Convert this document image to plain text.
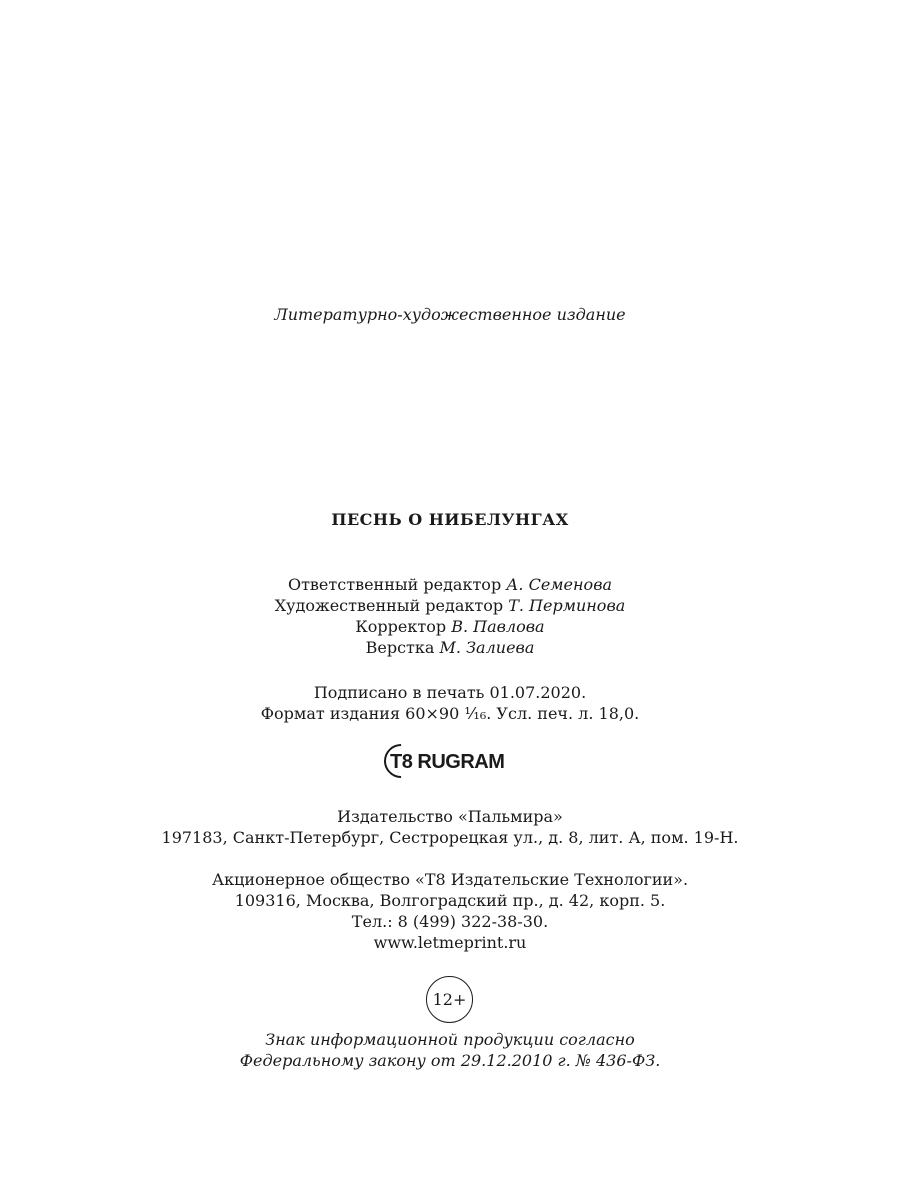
Литературно-художественное издание
ПЕСНЬ О НИБЕЛУНГАХ
Ответственный редактор А. Семенова
Художественный редактор Т. Перминова
Корректор В. Павлова
Верстка М. Залиева
Подписано в печать 01.07.2020.
Формат издания 60×90 ¹⁄₁₆. Усл. печ. л. 18,0.
T8 RUGRAM
Издательство «Пальмира»
197183, Санкт-Петербург, Сестрорецкая ул., д. 8, лит. А, пом. 19-Н.
Акционерное общество «Т8 Издательские Технологии».
109316, Москва, Волгоградский пр., д. 42, корп. 5.
Тел.: 8 (499) 322-38-30.
www.letmeprint.ru
12+
Знак информационной продукции согласно
Федеральному закону от 29.12.2010 г. № 436-ФЗ.
